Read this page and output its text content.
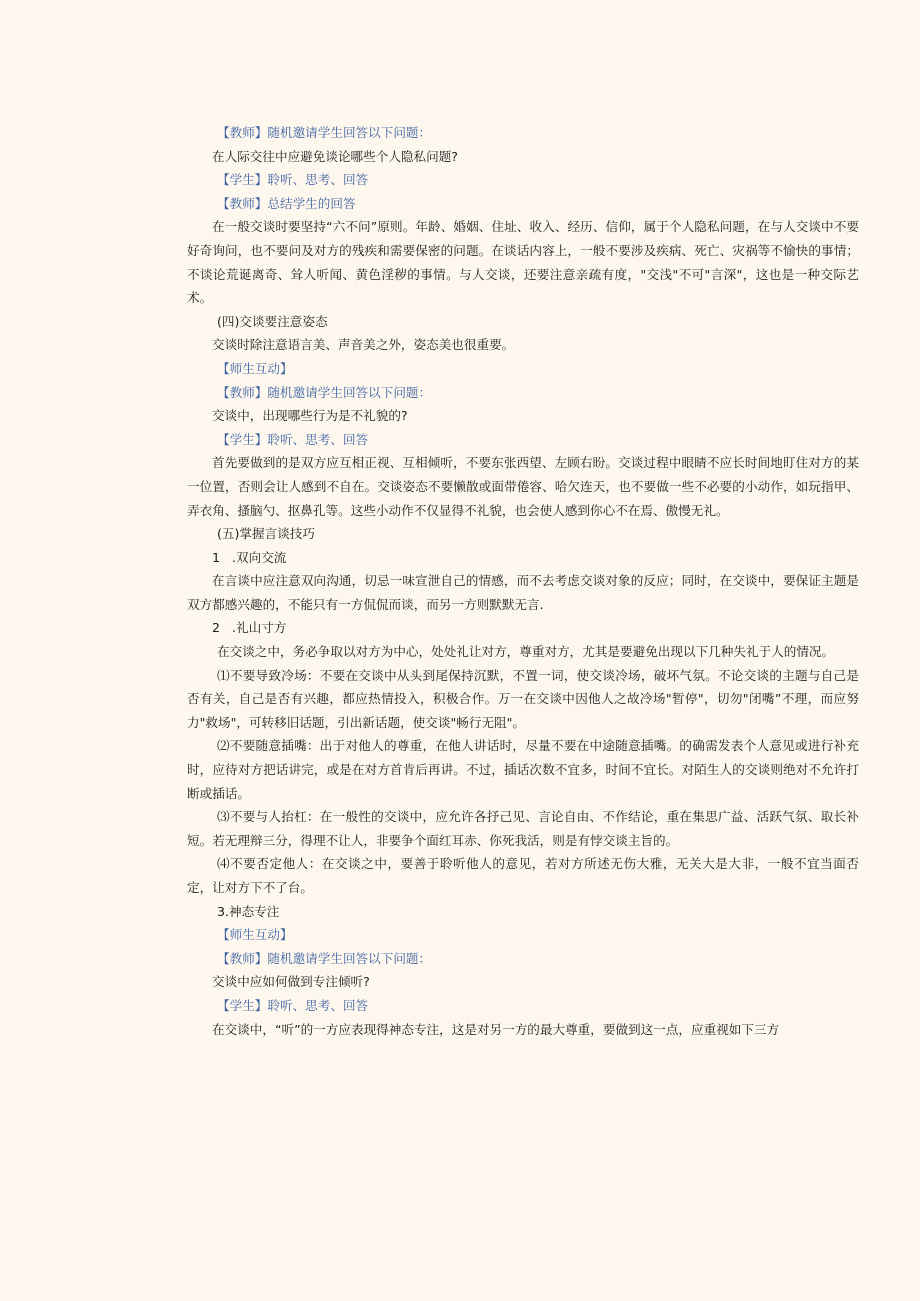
【教师】随机邀请学生回答以下问题：

在人际交往中应避免谈论哪些个人隐私问题?

【学生】聆听、思考、回答

【教师】总结学生的回答

在一般交谈时要坚持“六不问”原则。年龄、婚姻、住址、收入、经历、信仰，属于个人隐私问题，在与人交谈中不要好奇询问，也不要问及对方的残疾和需要保密的问题。在谈话内容上，一般不要涉及疾病、死亡、灾祸等不愉快的事情；不谈论荒诞离奇、耸人听闻、黄色淫秽的事情。与人交谈，还要注意亲疏有度，"交浅"不可"言深"，这也是一种交际艺术。

(四)交谈要注意姿态

交谈时除注意语言美、声音美之外，姿态美也很重要。

【师生互动】

【教师】随机邀请学生回答以下问题：

交谈中，出现哪些行为是不礼貌的?

【学生】聆听、思考、回答

首先要做到的是双方应互相正视、互相倾听，不要东张西望、左顾右盼。交谈过程中眼睛不应长时间地盯住对方的某一位置，否则会让人感到不自在。交谈姿态不要懒散或面带倦容、哈欠连天，也不要做一些不必要的小动作，如玩指甲、弄衣角、搔脑勺、抠鼻孔等。这些小动作不仅显得不礼貌，也会使人感到你心不在焉、傲慢无礼。

(五)掌握言谈技巧

1 .双向交流

在言谈中应注意双向沟通，切忌一味宣泄自己的情感，而不去考虑交谈对象的反应；同时，在交谈中，要保证主题是双方都感兴趣的，不能只有一方侃侃而谈，而另一方则默默无言.

2 .礼山寸方

在交谈之中，务必争取以对方为中心，处处礼让对方，尊重对方，尤其是要避免出现以下几种失礼于人的情况。

⑴不要导致冷场：不要在交谈中从头到尾保持沉默，不置一词，使交谈冷场，破坏气氛。不论交谈的主题与自己是否有关，自己是否有兴趣，都应热情投入，积极合作。万一在交谈中因他人之故冷场"暂停"，切勿"闭嘴”不理，而应努力"救场"，可转移旧话题，引出新话题，使交谈"畅行无阻"。

⑵不要随意插嘴：出于对他人的尊重，在他人讲话时，尽量不要在中途随意插嘴。的确需发表个人意见或进行补充时，应待对方把话讲完，或是在对方首肯后再讲。不过，插话次数不宜多，时间不宜长。对陌生人的交谈则绝对不允许打断或插话。

⑶不要与人抬杠：在一般性的交谈中，应允许各抒己见、言论自由、不作结论，重在集思广益、活跃气氛、取长补短。若无理辩三分，得理不让人，非要争个面红耳赤、你死我活，则是有悖交谈主旨的。

⑷不要否定他人：在交谈之中，要善于聆听他人的意见，若对方所述无伤大雅，无关大是大非，一般不宜当面否定，让对方下不了台。

3.神态专注

【师生互动】

【教师】随机邀请学生回答以下问题：

交谈中应如何做到专注倾听?

【学生】聆听、思考、回答

在交谈中，“听”的一方应表现得神态专注，这是对另一方的最大尊重，要做到这一点，应重视如下三方
